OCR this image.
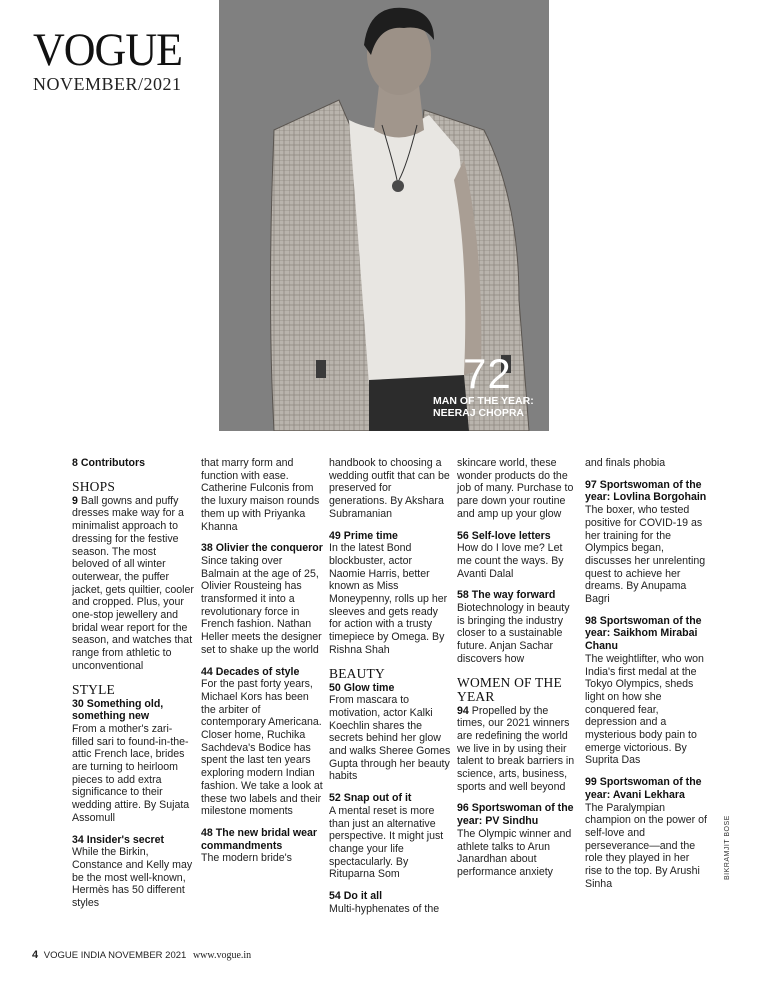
VOGUE
NOVEMBER/2021
72
MAN OF THE YEAR: NEERAJ CHOPRA

8 Contributors

SHOPS

9 Ball gowns and puffy dresses make way for a minimalist approach to dressing for the festive season. The most beloved of all winter outerwear, the puffer jacket, gets quiltier, cooler and cropped. Plus, your one-stop jewellery and bridal wear report for the season, and watches that range from athletic to unconventional

STYLE

30 Something old, something new
From a mother's zari-filled sari to found-in-the-attic French lace, brides are turning to heirloom pieces to add extra significance to their wedding attire. By Sujata Assomull

34 Insider's secret
While the Birkin, Constance and Kelly may be the most well-known, Hermès has 50 different styles

that marry form and function with ease. Catherine Fulconis from the luxury maison rounds them up with Priyanka Khanna

38 Olivier the conqueror
Since taking over Balmain at the age of 25, Olivier Rousteing has transformed it into a revolutionary force in French fashion. Nathan Heller meets the designer set to shake up the world

44 Decades of style
For the past forty years, Michael Kors has been the arbiter of contemporary Americana. Closer home, Ruchika Sachdeva's Bodice has spent the last ten years exploring modern Indian fashion. We take a look at these two labels and their milestone moments

48 The new bridal wear commandments
The modern bride's

handbook to choosing a wedding outfit that can be preserved for generations. By Akshara Subramanian

49 Prime time
In the latest Bond blockbuster, actor Naomie Harris, better known as Miss Moneypenny, rolls up her sleeves and gets ready for action with a trusty timepiece by Omega. By Rishna Shah

BEAUTY

50 Glow time
From mascara to motivation, actor Kalki Koechlin shares the secrets behind her glow and walks Sheree Gomes Gupta through her beauty habits

52 Snap out of it
A mental reset is more than just an alternative perspective. It might just change your life spectacularly. By Rituparna Som

54 Do it all
Multi-hyphenates of the

skincare world, these wonder products do the job of many. Purchase to pare down your routine and amp up your glow

56 Self-love letters
How do I love me? Let me count the ways. By Avanti Dalal

58 The way forward
Biotechnology in beauty is bringing the industry closer to a sustainable future. Anjan Sachar discovers how

WOMEN OF THE YEAR

94 Propelled by the times, our 2021 winners are redefining the world we live in by using their talent to break barriers in science, arts, business, sports and well beyond

96 Sportswoman of the year: PV Sindhu
The Olympic winner and athlete talks to Arun Janardhan about performance anxiety

and finals phobia

97 Sportswoman of the year: Lovlina Borgohain
The boxer, who tested positive for COVID-19 as her training for the Olympics began, discusses her unrelenting quest to achieve her dreams. By Anupama Bagri

98 Sportswoman of the year: Saikhom Mirabai Chanu
The weightlifter, who won India's first medal at the Tokyo Olympics, sheds light on how she conquered fear, depression and a mysterious body pain to emerge victorious. By Suprita Das

99 Sportswoman of the year: Avani Lekhara
The Paralympian champion on the power of self-love and perseverance—and the role they played in her rise to the top. By Arushi Sinha

BIKRAMJIT BOSE
4 VOGUE INDIA NOVEMBER 2021 www.vogue.in
